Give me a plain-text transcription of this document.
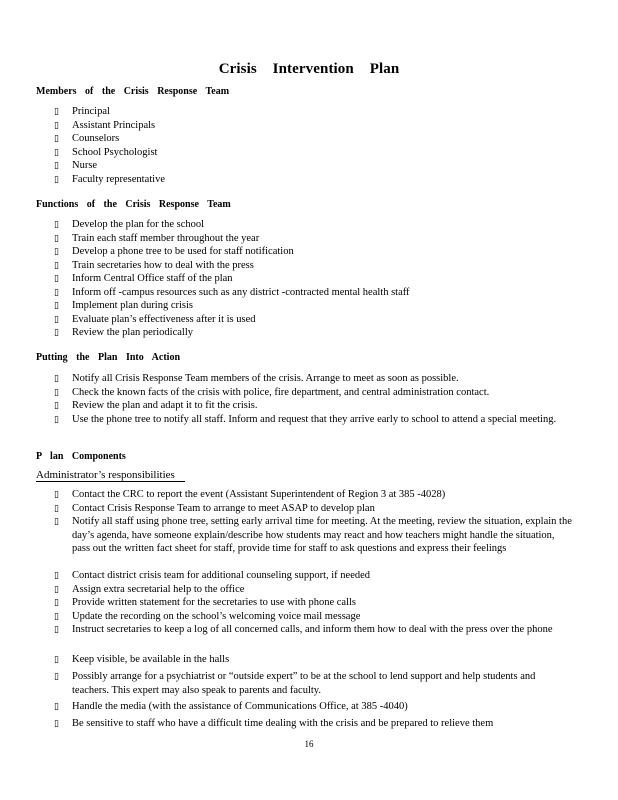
Crisis Intervention Plan
Members of the Crisis Response Team
▯ Principal
▯ Assistant Principals
▯ Counselors
▯ School Psychologist
▯ Nurse
▯ Faculty representative
Functions of the Crisis Response Team
▯ Develop the plan for the school
▯ Train each staff member throughout the year
▯ Develop a phone tree to be used for staff notification
▯ Train secretaries how to deal with the press
▯ Inform Central Office staff of the plan
▯ Inform off -campus resources such as any district -contracted mental health staff
▯ Implement plan during crisis
▯ Evaluate plan’s effectiveness after it is used
▯ Review the plan periodically
Putting the Plan Into Action
▯ Notify all Crisis Response Team members of the crisis. Arrange to meet as soon as possible.
▯ Check the known facts of the crisis with police, fire department, and central administration contact.
▯ Review the plan and adapt it to fit the crisis.
▯ Use the phone tree to notify all staff. Inform and request that they arrive early to school to attend a special meeting.
P lan Components
Administrator’s responsibilities
▯ Contact the CRC to report the event (Assistant Superintendent of Region 3 at 385 -4028)
▯ Contact Crisis Response Team to arrange to meet ASAP to develop plan
▯ Notify all staff using phone tree, setting early arrival time for meeting. At the meeting, review the situation, explain the day’s agenda, have someone explain/describe how students may react and how teachers might handle the situation, pass out the written fact sheet for staff, provide time for staff to ask questions and express their feelings
▯ Contact district crisis team for additional counseling support, if needed
▯ Assign extra secretarial help to the office
▯ Provide written statement for the secretaries to use with phone calls
▯ Update the recording on the school’s welcoming voice mail message
▯ Instruct secretaries to keep a log of all concerned calls, and inform them how to deal with the press over the phone
▯ Keep visible, be available in the halls
▯ Possibly arrange for a psychiatrist or “outside expert” to be at the school to lend support and help students and teachers. This expert may also speak to parents and faculty.
▯ Handle the media (with the assistance of Communications Office, at 385 -4040)
▯ Be sensitive to staff who have a difficult time dealing with the crisis and be prepared to relieve them
16
